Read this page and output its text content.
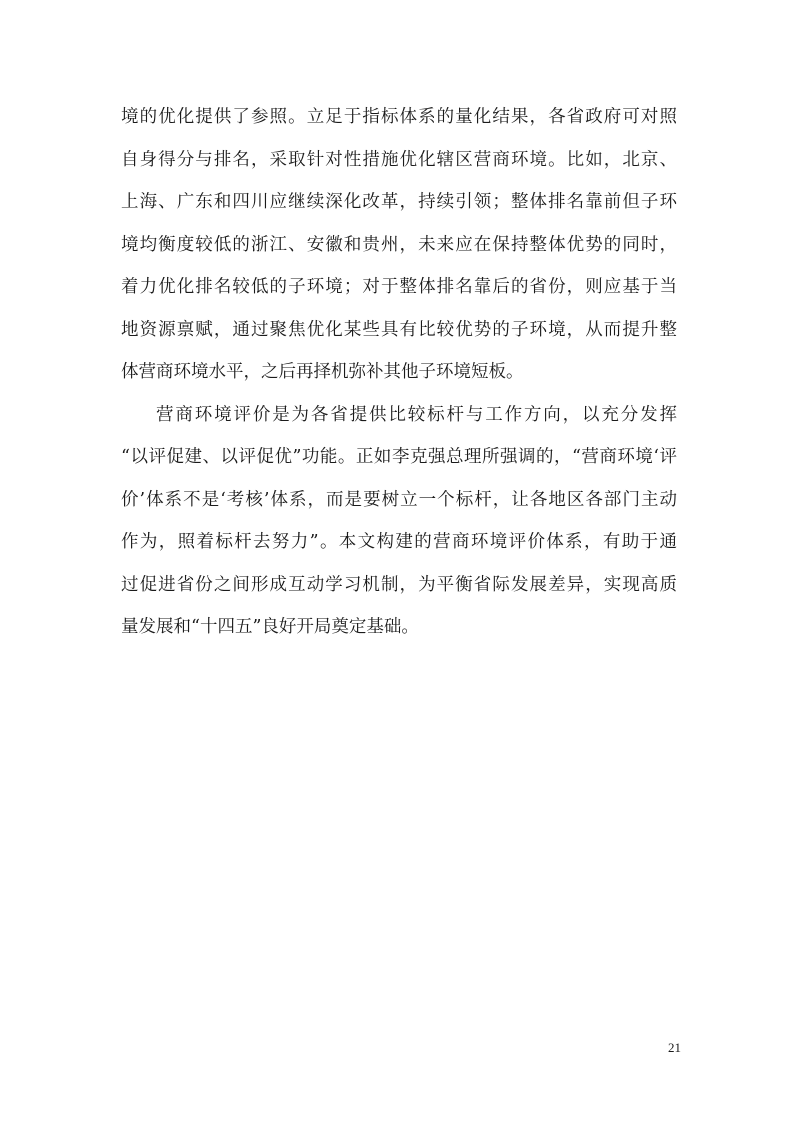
境的优化提供了参照。立足于指标体系的量化结果，各省政府可对照
自身得分与排名，采取针对性措施优化辖区营商环境。比如，北京、
上海、广东和四川应继续深化改革，持续引领；整体排名靠前但子环
境均衡度较低的浙江、安徽和贵州，未来应在保持整体优势的同时，
着力优化排名较低的子环境；对于整体排名靠后的省份，则应基于当
地资源禀赋，通过聚焦优化某些具有比较优势的子环境，从而提升整
体营商环境水平，之后再择机弥补其他子环境短板。
营商环境评价是为各省提供比较标杆与工作方向，以充分发挥
“以评促建、以评促优”功能。正如李克强总理所强调的，“营商环境‘评
价’体系不是‘考核’体系，而是要树立一个标杆，让各地区各部门主动
作为，照着标杆去努力”。本文构建的营商环境评价体系，有助于通
过促进省份之间形成互动学习机制，为平衡省际发展差异，实现高质
量发展和“十四五”良好开局奠定基础。
21
